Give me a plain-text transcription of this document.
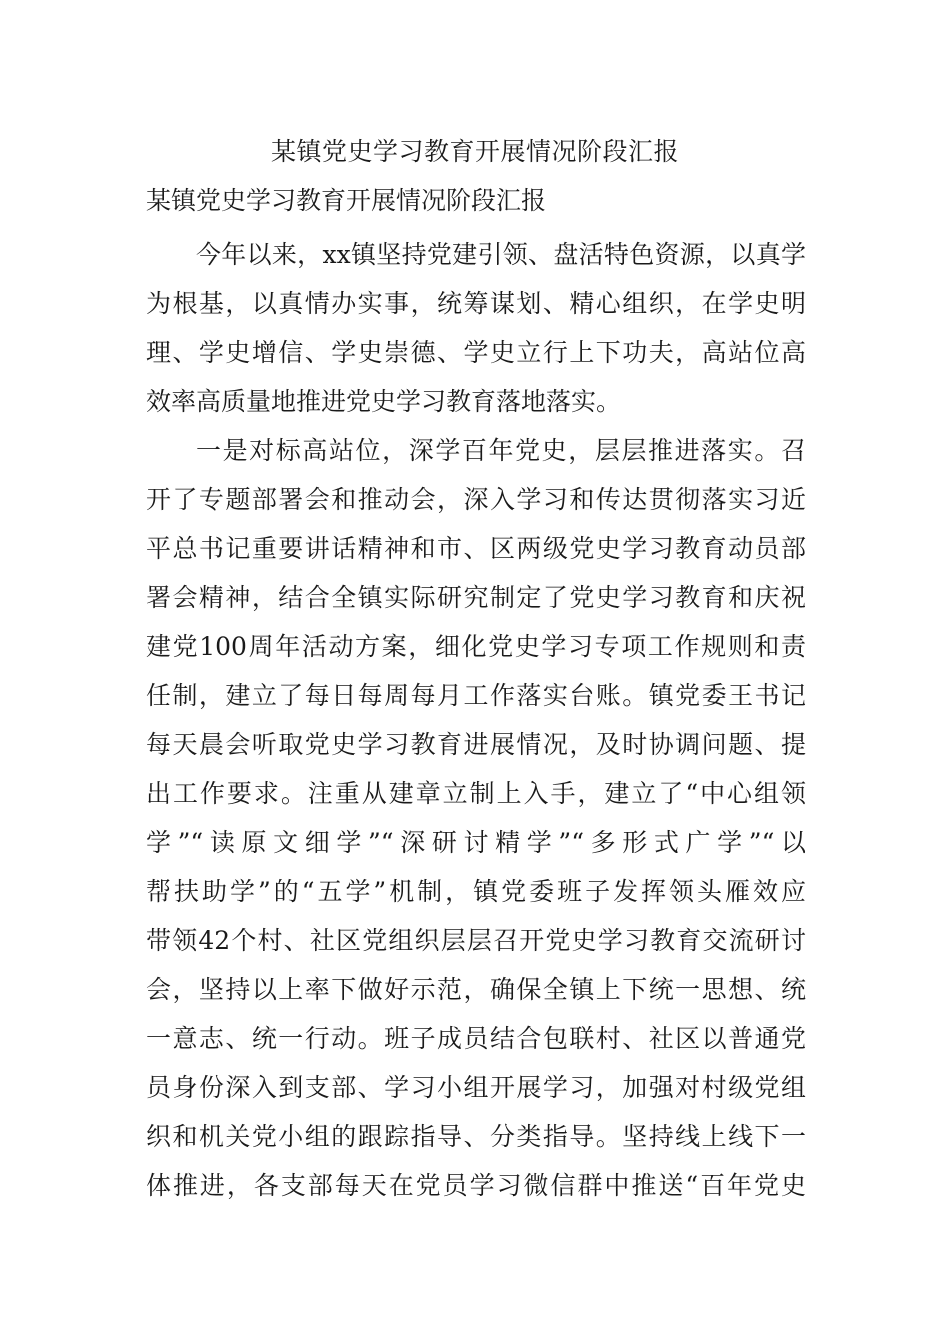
某镇党史学习教育开展情况阶段汇报
某镇党史学习教育开展情况阶段汇报
今年以来，xx镇坚持党建引领、盘活特色资源，以真学
为根基，以真情办实事，统筹谋划、精心组织，在学史明
理、学史增信、学史崇德、学史立行上下功夫，高站位高
效率高质量地推进党史学习教育落地落实。
一是对标高站位，深学百年党史，层层推进落实。召
开了专题部署会和推动会，深入学习和传达贯彻落实习近
平总书记重要讲话精神和市、区两级党史学习教育动员部
署会精神，结合全镇实际研究制定了党史学习教育和庆祝
建党100周年活动方案，细化党史学习专项工作规则和责
任制，建立了每日每周每月工作落实台账。镇党委王书记
每天晨会听取党史学习教育进展情况，及时协调问题、提
出工作要求。注重从建章立制上入手，建立了“中心组领
学”“读原文细学”“深研讨精学”“多形式广学”“以
帮扶助学”的“五学”机制，镇党委班子发挥领头雁效应
带领42个村、社区党组织层层召开党史学习教育交流研讨
会，坚持以上率下做好示范，确保全镇上下统一思想、统
一意志、统一行动。班子成员结合包联村、社区以普通党
员身份深入到支部、学习小组开展学习，加强对村级党组
织和机关党小组的跟踪指导、分类指导。坚持线上线下一
体推进，各支部每天在党员学习微信群中推送“百年党史
